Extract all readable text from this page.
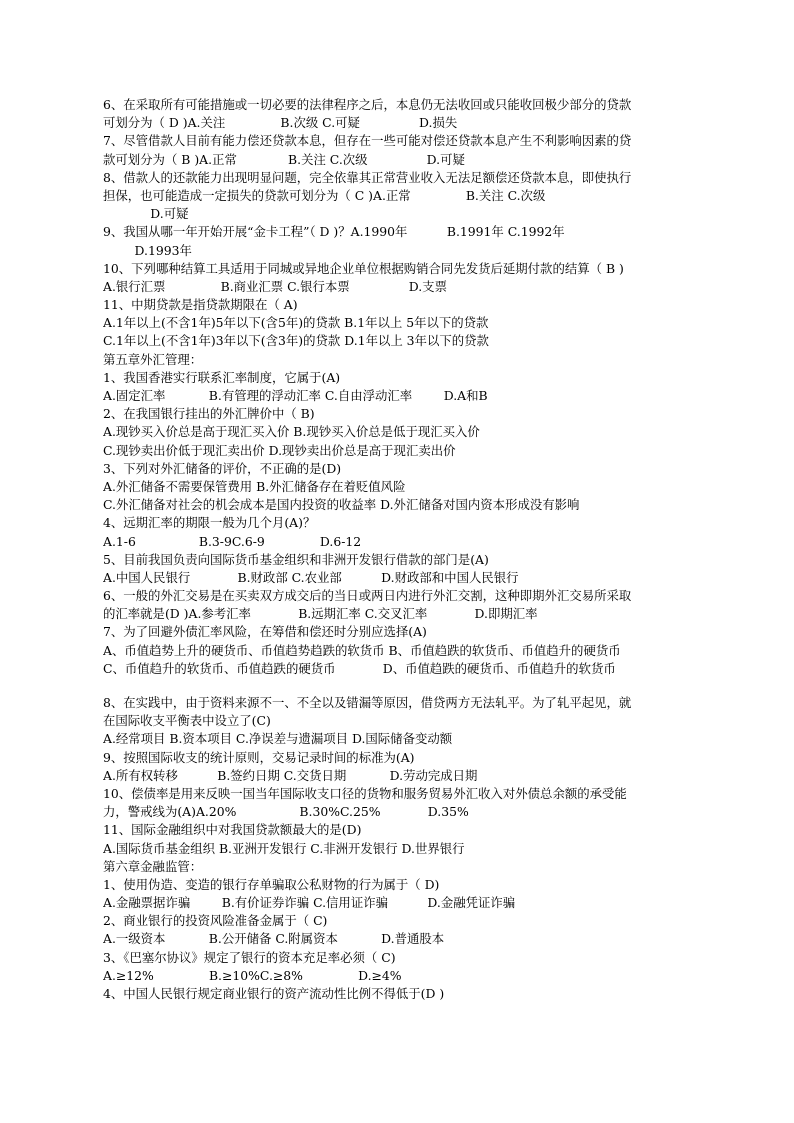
6、在采取所有可能措施或一切必要的法律程序之后，本息仍无法收回或只能收回极少部分的贷款
可划分为（ D )A.关注              B.次级 C.可疑               D.损失
7、尽管借款人目前有能力偿还贷款本息，但存在一些可能对偿还贷款本息产生不利影响因素的贷
款可划分为（ B )A.正常             B.关注 C.次级               D.可疑
8、借款人的还款能力出现明显问题，完全依靠其正常营业收入无法足额偿还贷款本息，即使执行
担保，也可能造成一定损失的贷款可划分为（ C )A.正常              B.关注 C.次级
D.可疑
9、我国从哪一年开始开展“金卡工程”（ D )？A.1990年          B.1991年 C.1992年
D.1993年
10、下列哪种结算工具适用于同城或异地企业单位根据购销合同先发货后延期付款的结算（ B )
A.银行汇票              B.商业汇票 C.银行本票               D.支票
11、中期贷款是指贷款期限在（ A)
A.1年以上(不含1年)5年以下(含5年)的贷款 B.1年以上 5年以下的贷款
C.1年以上(不含1年)3年以下(含3年)的贷款 D.1年以上 3年以下的贷款
第五章外汇管理：
1、我国香港实行联系汇率制度，它属于(A)
A.固定汇率           B.有管理的浮动汇率 C.自由浮动汇率        D.A和B
2、在我国银行挂出的外汇牌价中（ B)
A.现钞买入价总是高于现汇买入价 B.现钞买入价总是低于现汇买入价
C.现钞卖出价低于现汇卖出价 D.现钞卖出价总是高于现汇卖出价
3、下列对外汇储备的评价，不正确的是(D)
A.外汇储备不需要保管费用 B.外汇储备存在着贬值风险
C.外汇储备对社会的机会成本是国内投资的收益率 D.外汇储备对国内资本形成没有影响
4、远期汇率的期限一般为几个月(A)？
A.1-6                B.3-9C.6-9              D.6-12
5、目前我国负责向国际货币基金组织和非洲开发银行借款的部门是(A)
A.中国人民银行            B.财政部 C.农业部          D.财政部和中国人民银行
6、一般的外汇交易是在买卖双方成交后的当日或两日内进行外汇交割，这种即期外汇交易所采取
的汇率就是(D )A.参考汇率            B.远期汇率 C.交叉汇率            D.即期汇率
7、为了回避外债汇率风险，在筹借和偿还时分别应选择(A)
A、币值趋势上升的硬货币、币值趋势趋跌的软货币 B、币值趋跌的软货币、币值趋升的硬货币
C、币值趋升的软货币、币值趋跌的硬货币            D、币值趋跌的硬货币、币值趋升的软货币
8、在实践中，由于资料来源不一、不全以及错漏等原因，借贷两方无法轧平。为了轧平起见，就
在国际收支平衡表中设立了(C)
A.经常项目 B.资本项目 C.净误差与遗漏项目 D.国际储备变动额
9、按照国际收支的统计原则，交易记录时间的标准为(A)
A.所有权转移          B.签约日期 C.交货日期           D.劳动完成日期
10、偿债率是用来反映一国当年国际收支口径的货物和服务贸易外汇收入对外债总余额的承受能
力，警戒线为(A)A.20%                B.30%C.25%            D.35%
11、国际金融组织中对我国贷款额最大的是(D)
A.国际货币基金组织 B.亚洲开发银行 C.非洲开发银行 D.世界银行
第六章金融监管：
1、使用伪造、变造的银行存单骗取公私财物的行为属于（ D)
A.金融票据诈骗        B.有价证券诈骗 C.信用证诈骗          D.金融凭证诈骗
2、商业银行的投资风险准备金属于（ C)
A.一级资本           B.公开储备 C.附属资本           D.普通股本
3、《巴塞尔协议》规定了银行的资本充足率必须（ C)
A.≥12%              B.≥10%C.≥8%              D.≥4%
4、中国人民银行规定商业银行的资产流动性比例不得低于(D )
